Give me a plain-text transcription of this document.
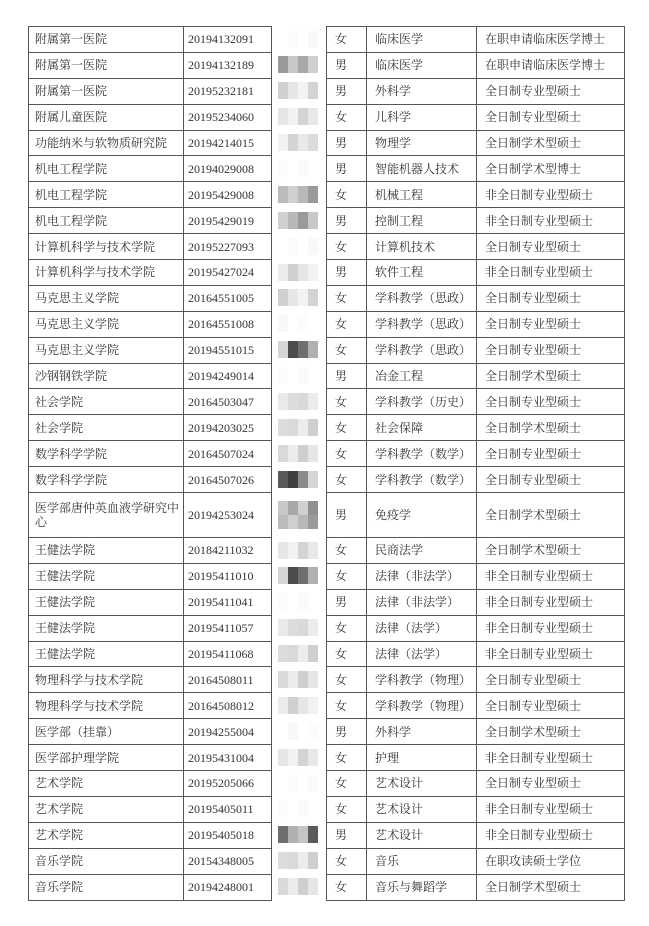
附属第一医院	20194132091		女	临床医学	在职申请临床医学博士
附属第一医院	20194132189		男	临床医学	在职申请临床医学博士
附属第一医院	20195232181		男	外科学	全日制专业型硕士
附属儿童医院	20195234060		女	儿科学	全日制专业型硕士
功能纳米与软物质研究院	20194214015		男	物理学	全日制学术型硕士
机电工程学院	20194029008		男	智能机器人技术	全日制学术型博士
机电工程学院	20195429008		女	机械工程	非全日制专业型硕士
机电工程学院	20195429019		男	控制工程	非全日制专业型硕士
计算机科学与技术学院	20195227093		女	计算机技术	全日制专业型硕士
计算机科学与技术学院	20195427024		男	软件工程	非全日制专业型硕士
马克思主义学院	20164551005		女	学科教学（思政）	全日制专业型硕士
马克思主义学院	20164551008		女	学科教学（思政）	全日制专业型硕士
马克思主义学院	20194551015		女	学科教学（思政）	全日制专业型硕士
沙钢钢铁学院	20194249014		男	冶金工程	全日制学术型硕士
社会学院	20164503047		女	学科教学（历史）	全日制专业型硕士
社会学院	20194203025		女	社会保障	全日制学术型硕士
数学科学学院	20164507024		女	学科教学（数学）	全日制专业型硕士
数学科学学院	20164507026		女	学科教学（数学）	全日制专业型硕士
医学部唐仲英血液学研究中心	20194253024		男	免疫学	全日制学术型硕士
王健法学院	20184211032		女	民商法学	全日制学术型硕士
王健法学院	20195411010		女	法律（非法学）	非全日制专业型硕士
王健法学院	20195411041		男	法律（非法学）	非全日制专业型硕士
王健法学院	20195411057		女	法律（法学）	非全日制专业型硕士
王健法学院	20195411068		女	法律（法学）	非全日制专业型硕士
物理科学与技术学院	20164508011		女	学科教学（物理）	全日制专业型硕士
物理科学与技术学院	20164508012		女	学科教学（物理）	全日制专业型硕士
医学部（挂靠）	20194255004		男	外科学	全日制学术型硕士
医学部护理学院	20195431004		女	护理	非全日制专业型硕士
艺术学院	20195205066		女	艺术设计	全日制专业型硕士
艺术学院	20195405011		女	艺术设计	非全日制专业型硕士
艺术学院	20195405018		男	艺术设计	非全日制专业型硕士
音乐学院	20154348005		女	音乐	在职攻读硕士学位
音乐学院	20194248001		女	音乐与舞蹈学	全日制学术型硕士
